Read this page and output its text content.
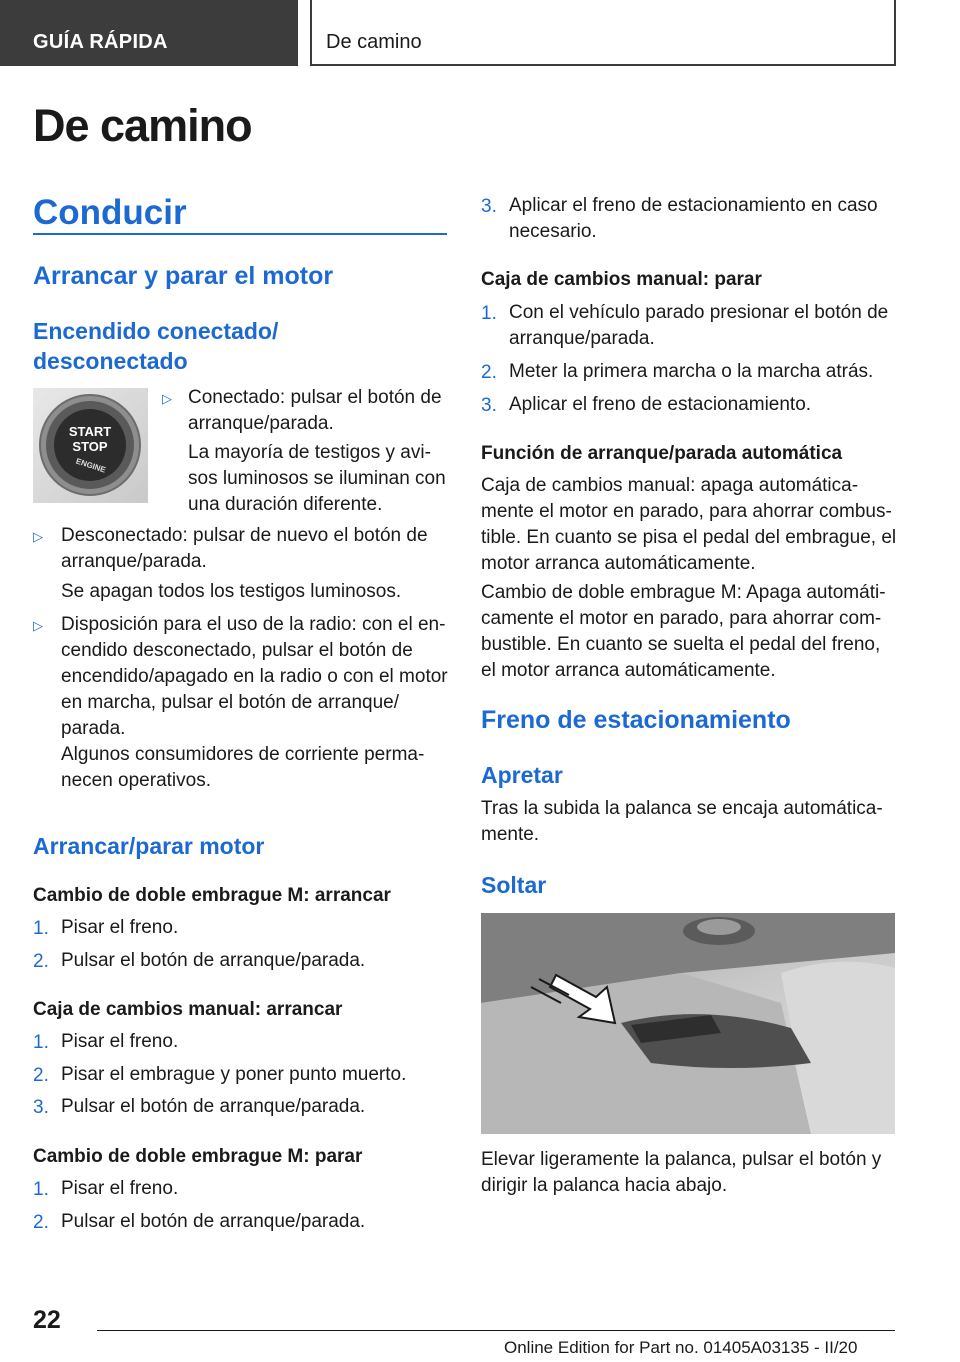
GUÍA RÁPIDA	De camino
De camino
Conducir
Arrancar y parar el motor
Encendido conectado/
desconectado
START
STOP
ENGINE
▷ Conectado: pulsar el botón de
arranque/parada.
La mayoría de testigos y avi-
sos luminosos se iluminan con
una duración diferente.
▷ Desconectado: pulsar de nuevo el botón de
arranque/parada.
Se apagan todos los testigos luminosos.
▷ Disposición para el uso de la radio: con el en-
cendido desconectado, pulsar el botón de
encendido/apagado en la radio o con el motor
en marcha, pulsar el botón de arranque/
parada.
Algunos consumidores de corriente perma-
necen operativos.
Arrancar/parar motor
Cambio de doble embrague M: arrancar
1. Pisar el freno.
2. Pulsar el botón de arranque/parada.
Caja de cambios manual: arrancar
1. Pisar el freno.
2. Pisar el embrague y poner punto muerto.
3. Pulsar el botón de arranque/parada.
Cambio de doble embrague M: parar
1. Pisar el freno.
2. Pulsar el botón de arranque/parada.
3. Aplicar el freno de estacionamiento en caso
necesario.
Caja de cambios manual: parar
1. Con el vehículo parado presionar el botón de
arranque/parada.
2. Meter la primera marcha o la marcha atrás.
3. Aplicar el freno de estacionamiento.
Función de arranque/parada automática
Caja de cambios manual: apaga automática-
mente el motor en parado, para ahorrar combus-
tible. En cuanto se pisa el pedal del embrague, el
motor arranca automáticamente.
Cambio de doble embrague M: Apaga automáti-
camente el motor en parado, para ahorrar com-
bustible. En cuanto se suelta el pedal del freno,
el motor arranca automáticamente.
Freno de estacionamiento
Apretar
Tras la subida la palanca se encaja automática-
mente.
Soltar
Elevar ligeramente la palanca, pulsar el botón y
dirigir la palanca hacia abajo.
22
Online Edition for Part no. 01405A03135 - II/20
